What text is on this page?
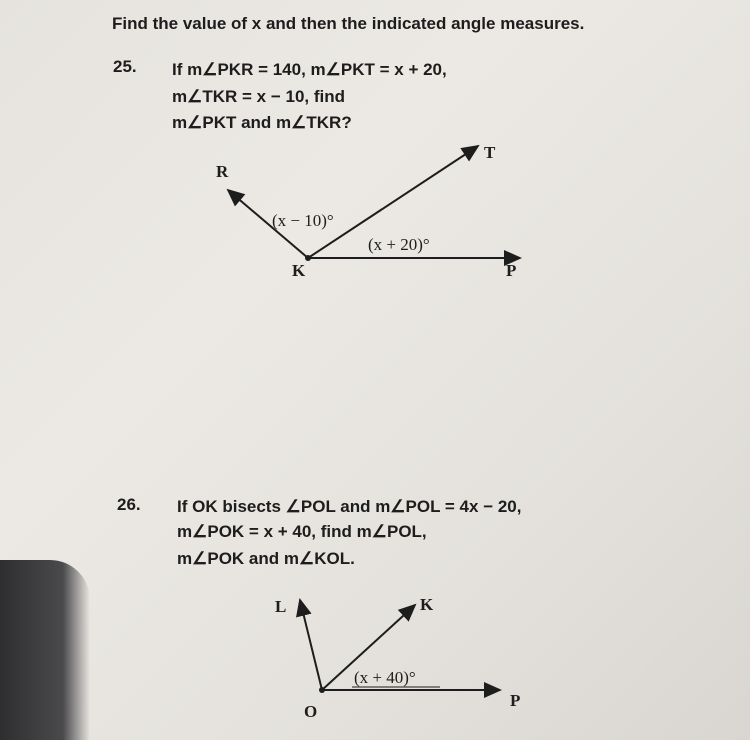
Find the value of x and then the indicated angle measures.
25. If m∠PKR = 140, m∠PKT = x + 20,
m∠TKR = x − 10, find
m∠PKT and m∠TKR?
26. If OK bisects ∠POL and m∠POL = 4x − 20,
m∠POK = x + 40, find m∠POL,
m∠POK and m∠KOL.
R
T
K	P
(x − 10)°
(x + 20)°
L	K
O
P
(x + 40)°
